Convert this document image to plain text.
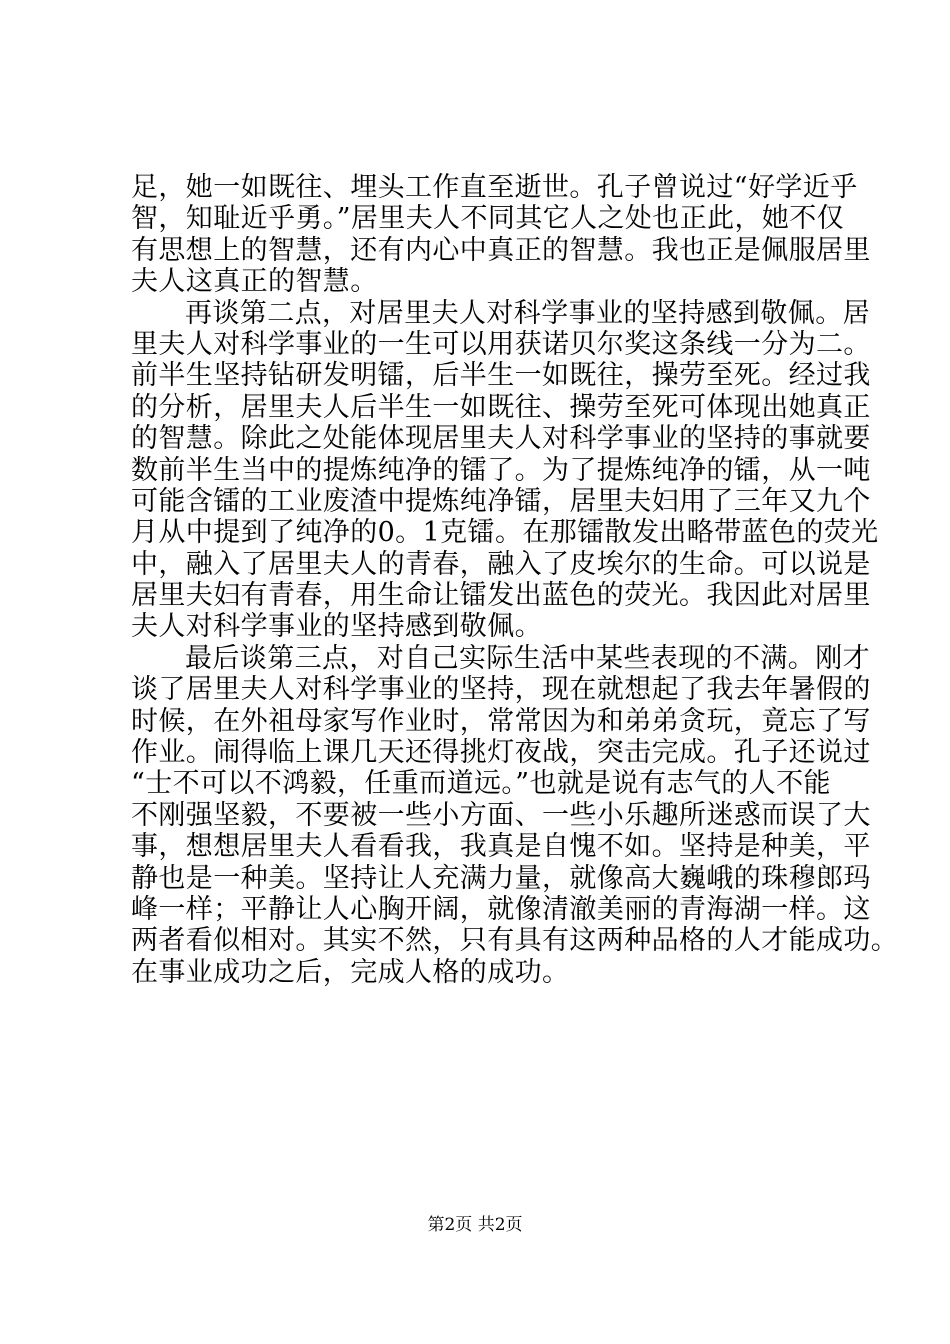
足，她一如既往、埋头工作直至逝世。孔子曾说过“好学近乎
智，知耻近乎勇。”居里夫人不同其它人之处也正此，她不仅
有思想上的智慧，还有内心中真正的智慧。我也正是佩服居里
夫人这真正的智慧。
再谈第二点，对居里夫人对科学事业的坚持感到敬佩。居
里夫人对科学事业的一生可以用获诺贝尔奖这条线一分为二。
前半生坚持钻研发明镭，后半生一如既往，操劳至死。经过我
的分析，居里夫人后半生一如既往、操劳至死可体现出她真正
的智慧。除此之处能体现居里夫人对科学事业的坚持的事就要
数前半生当中的提炼纯净的镭了。为了提炼纯净的镭，从一吨
可能含镭的工业废渣中提炼纯净镭，居里夫妇用了三年又九个
月从中提到了纯净的0。1克镭。在那镭散发出略带蓝色的荧光
中，融入了居里夫人的青春，融入了皮埃尔的生命。可以说是
居里夫妇有青春，用生命让镭发出蓝色的荧光。我因此对居里
夫人对科学事业的坚持感到敬佩。
最后谈第三点，对自己实际生活中某些表现的不满。刚才
谈了居里夫人对科学事业的坚持，现在就想起了我去年暑假的
时候，在外祖母家写作业时，常常因为和弟弟贪玩，竟忘了写
作业。闹得临上课几天还得挑灯夜战，突击完成。孔子还说过
“士不可以不鸿毅，任重而道远。”也就是说有志气的人不能
不刚强坚毅，不要被一些小方面、一些小乐趣所迷惑而误了大
事，想想居里夫人看看我，我真是自愧不如。坚持是种美，平
静也是一种美。坚持让人充满力量，就像高大巍峨的珠穆郎玛
峰一样；平静让人心胸开阔，就像清澈美丽的青海湖一样。这
两者看似相对。其实不然，只有具有这两种品格的人才能成功。
在事业成功之后，完成人格的成功。
第2页 共2页
